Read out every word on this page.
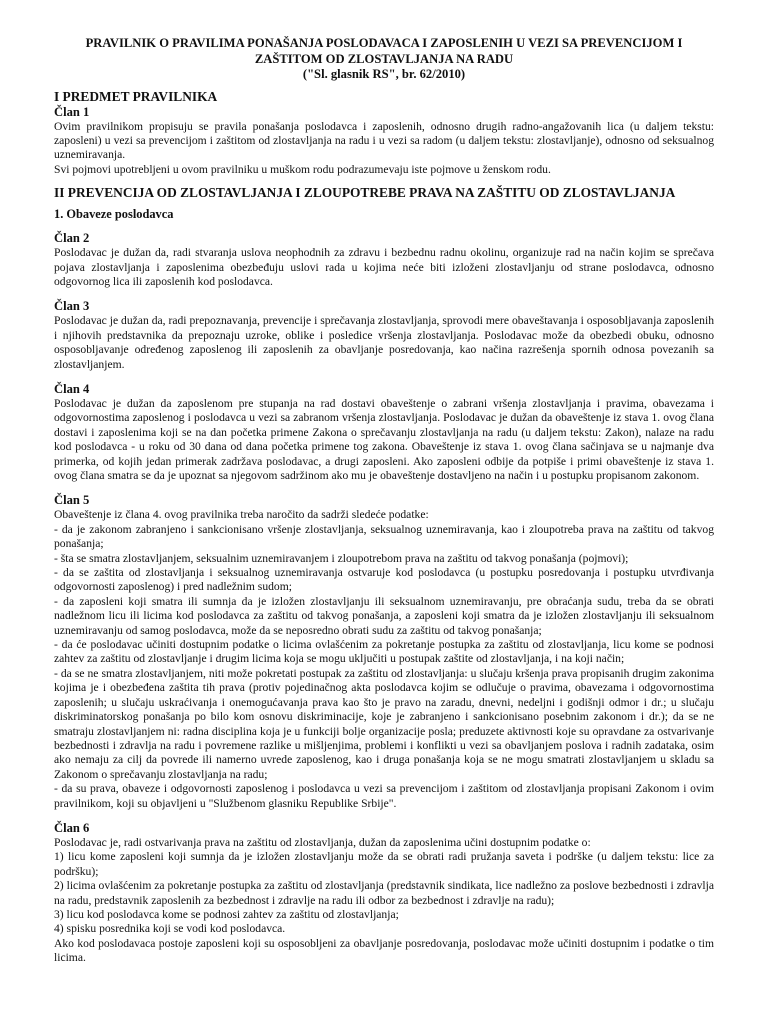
PRAVILNIK O PRAVILIMA PONAŠANJA POSLODAVACA I ZAPOSLENIH U VEZI SA PREVENCIJOM I
ZAŠTITOM OD ZLOSTAVLJANJA NA RADU
("Sl. glasnik RS", br. 62/2010)
I PREDMET PRAVILNIKA
Član 1

Ovim pravilnikom propisuju se pravila ponašanja poslodavca i zaposlenih, odnosno drugih radno-angažovanih lica (u daljem tekstu: zaposleni) u vezi sa prevencijom i zaštitom od zlostavljanja na radu i u vezi sa radom (u daljem tekstu: zlostavljanje), odnosno od seksualnog uznemiravanja.

Svi pojmovi upotrebljeni u ovom pravilniku u muškom rodu podrazumevaju iste pojmove u ženskom rodu.

II PREVENCIJA OD ZLOSTAVLJANJA I ZLOUPOTREBE PRAVA NA ZAŠTITU OD ZLOSTAVLJANJA
1. Obaveze poslodavca
Član 2

Poslodavac je dužan da, radi stvaranja uslova neophodnih za zdravu i bezbednu radnu okolinu, organizuje rad na način kojim se sprečava pojava zlostavljanja i zaposlenima obezbeđuju uslovi rada u kojima neće biti izloženi zlostavljanju od strane poslodavca, odnosno odgovornog lica ili zaposlenih kod poslodavca.

Član 3

Poslodavac je dužan da, radi prepoznavanja, prevencije i sprečavanja zlostavljanja, sprovodi mere obaveštavanja i osposobljavanja zaposlenih i njihovih predstavnika da prepoznaju uzroke, oblike i posledice vršenja zlostavljanja. Poslodavac može da obezbedi obuku, odnosno osposobljavanje određenog zaposlenog ili zaposlenih za obavljanje posredovanja, kao načina razrešenja spornih odnosa povezanih sa zlostavljanjem.

Član 4

Poslodavac je dužan da zaposlenom pre stupanja na rad dostavi obaveštenje o zabrani vršenja zlostavljanja i pravima, obavezama i odgovornostima zaposlenog i poslodavca u vezi sa zabranom vršenja zlostavljanja. Poslodavac je dužan da obaveštenje iz stava 1. ovog člana dostavi i zaposlenima koji se na dan početka primene Zakona o sprečavanju zlostavljanja na radu (u daljem tekstu: Zakon), nalaze na radu kod poslodavca - u roku od 30 dana od dana početka primene tog zakona. Obaveštenje iz stava 1. ovog člana sačinjava se u najmanje dva primerka, od kojih jedan primerak zadržava poslodavac, a drugi zaposleni. Ako zaposleni odbije da potpiše i primi obaveštenje iz stava 1. ovog člana smatra se da je upoznat sa njegovom sadržinom ako mu je obaveštenje dostavljeno na način i u postupku propisanom zakonom.

Član 5

Obaveštenje iz člana 4. ovog pravilnika treba naročito da sadrži sledeće podatke:

- da je zakonom zabranjeno i sankcionisano vršenje zlostavljanja, seksualnog uznemiravanja, kao i zloupotreba prava na zaštitu od takvog ponašanja;

- šta se smatra zlostavljanjem, seksualnim uznemiravanjem i zloupotrebom prava na zaštitu od takvog ponašanja (pojmovi);

- da se zaštita od zlostavljanja i seksualnog uznemiravanja ostvaruje kod poslodavca (u postupku posredovanja i postupku utvrđivanja odgovornosti zaposlenog) i pred nadležnim sudom;

- da zaposleni koji smatra ili sumnja da je izložen zlostavljanju ili seksualnom uznemiravanju, pre obraćanja sudu, treba da se obrati nadležnom licu ili licima kod poslodavca za zaštitu od takvog ponašanja, a zaposleni koji smatra da je izložen zlostavljanju ili seksualnom uznemiravanju od samog poslodavca, može da se neposredno obrati sudu za zaštitu od takvog ponašanja;

- da će poslodavac učiniti dostupnim podatke o licima ovlašćenim za pokretanje postupka za zaštitu od zlostavljanja, licu kome se podnosi zahtev za zaštitu od zlostavljanje i drugim licima koja se mogu uključiti u postupak zaštite od zlostavljanja, i na koji način;

- da se ne smatra zlostavljanjem, niti može pokretati postupak za zaštitu od zlostavljanja: u slučaju kršenja prava propisanih drugim zakonima kojima je i obezbeđena zaštita tih prava (protiv pojedinačnog akta poslodavca kojim se odlučuje o pravima, obavezama i odgovornostima zaposlenih; u slučaju uskraćivanja i onemogućavanja prava kao što je pravo na zaradu, dnevni, nedeljni i godišnji odmor i dr.; u slučaju diskriminatorskog ponašanja po bilo kom osnovu diskriminacije, koje je zabranjeno i sankcionisano posebnim zakonom i dr.); da se ne smatraju zlostavljanjem ni: radna disciplina koja je u funkciji bolje organizacije posla; preduzete aktivnosti koje su opravdane za ostvarivanje bezbednosti i zdravlja na radu i povremene razlike u mišljenjima, problemi i konflikti u vezi sa obavljanjem poslova i radnih zadataka, osim ako nemaju za cilj da povrede ili namerno uvrede zaposlenog, kao i druga ponašanja koja se ne mogu smatrati zlostavljanjem u skladu sa Zakonom o sprečavanju zlostavljanja na radu;

- da su prava, obaveze i odgovornosti zaposlenog i poslodavca u vezi sa prevencijom i zaštitom od zlostavljanja propisani Zakonom i ovim pravilnikom, koji su objavljeni u "Službenom glasniku Republike Srbije".

Član 6

Poslodavac je, radi ostvarivanja prava na zaštitu od zlostavljanja, dužan da zaposlenima učini dostupnim podatke o:

1) licu kome zaposleni koji sumnja da je izložen zlostavljanju može da se obrati radi pružanja saveta i podrške (u daljem tekstu: lice za podršku);

2) licima ovlašćenim za pokretanje postupka za zaštitu od zlostavljanja (predstavnik sindikata, lice nadležno za poslove bezbednosti i zdravlja na radu, predstavnik zaposlenih za bezbednost i zdravlje na radu ili odbor za bezbednost i zdravlje na radu);

3) licu kod poslodavca kome se podnosi zahtev za zaštitu od zlostavljanja;

4) spisku posrednika koji se vodi kod poslodavca.

Ako kod poslodavaca postoje zaposleni koji su osposobljeni za obavljanje posredovanja, poslodavac može učiniti dostupnim i podatke o tim licima.
